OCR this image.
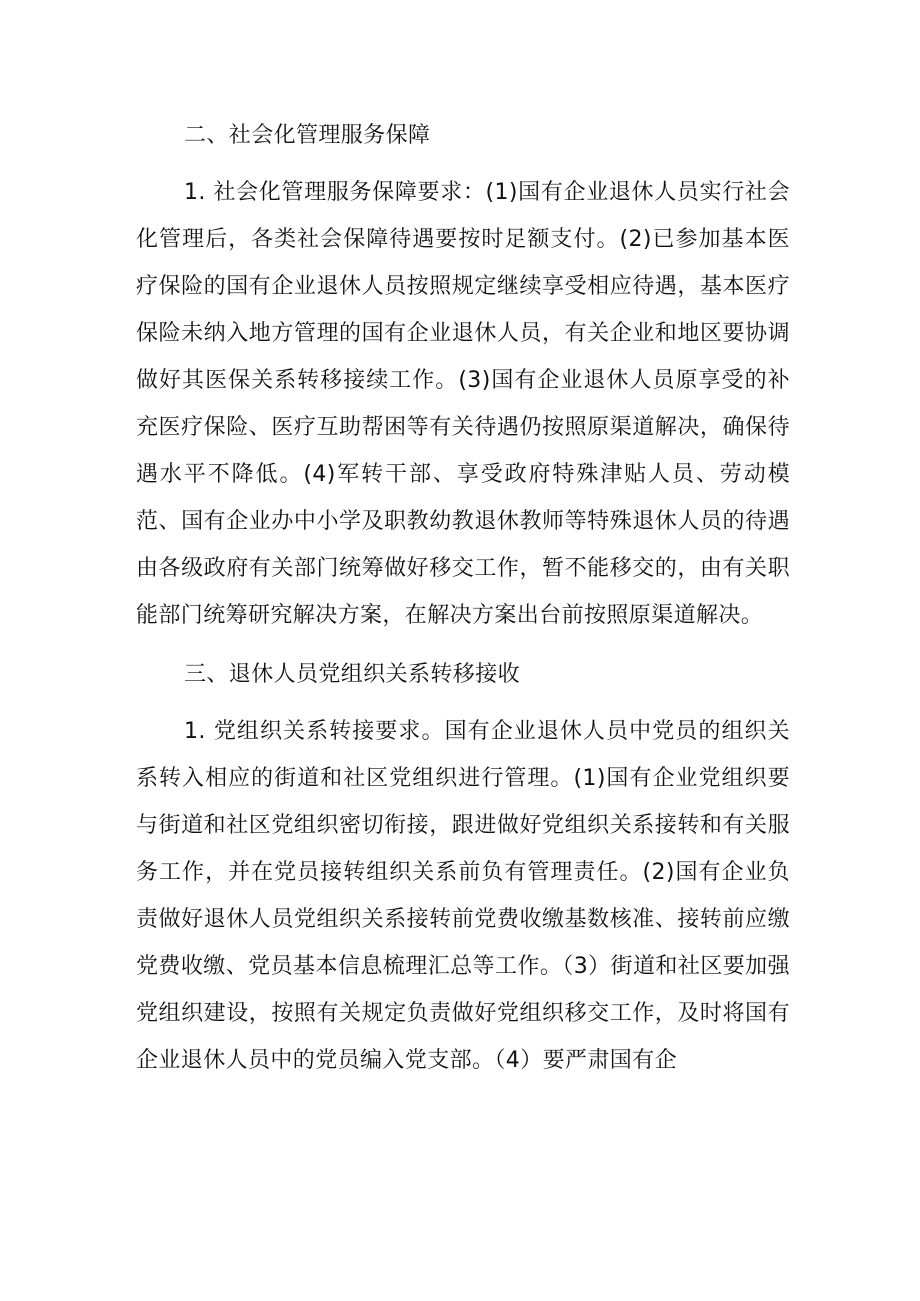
二、社会化管理服务保障

1. 社会化管理服务保障要求：(1)国有企业退休人员实行社会化管理后，各类社会保障待遇要按时足额支付。(2)已参加基本医疗保险的国有企业退休人员按照规定继续享受相应待遇，基本医疗保险未纳入地方管理的国有企业退休人员，有关企业和地区要协调做好其医保关系转移接续工作。(3)国有企业退休人员原享受的补充医疗保险、医疗互助帮困等有关待遇仍按照原渠道解决，确保待遇水平不降低。(4)军转干部、享受政府特殊津贴人员、劳动模范、国有企业办中小学及职教幼教退休教师等特殊退休人员的待遇由各级政府有关部门统筹做好移交工作，暂不能移交的，由有关职能部门统筹研究解决方案，在解决方案出台前按照原渠道解决。

三、退休人员党组织关系转移接收

1. 党组织关系转接要求。国有企业退休人员中党员的组织关系转入相应的街道和社区党组织进行管理。(1)国有企业党组织要与街道和社区党组织密切衔接，跟进做好党组织关系接转和有关服务工作，并在党员接转组织关系前负有管理责任。(2)国有企业负责做好退休人员党组织关系接转前党费收缴基数核准、接转前应缴党费收缴、党员基本信息梳理汇总等工作。（3）街道和社区要加强党组织建设，按照有关规定负责做好党组织移交工作，及时将国有企业退休人员中的党员编入党支部。（4）要严肃国有企
